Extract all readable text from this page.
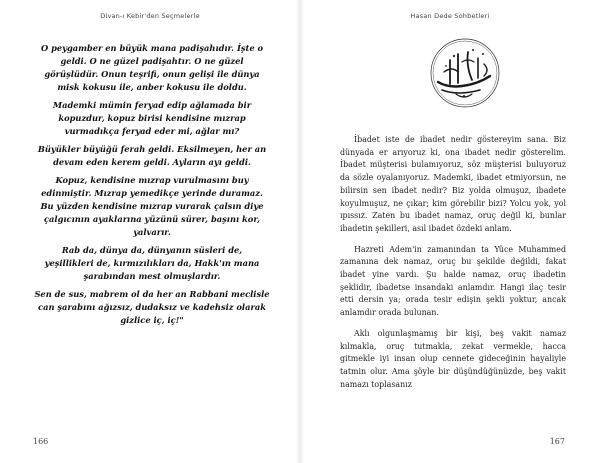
Divan-ı Kebir'den Seçmelerle
O peygamber en büyük mana padişahıdır. İşte o
geldi. O ne güzel padişahtır. O ne güzel
görüşlüdür. Onun teşrifi, onun gelişi ile dünya
misk kokusu ile, anber kokusu ile doldu.
Mademki mümin feryad edip ağlamada bir
kopuzdur, kopuz birisi kendisine mızrap
vurmadıkça feryad eder mi, ağlar mı?
Büyükler büyüğü ferah geldi. Eksilmeyen, her an
devam eden kerem geldi. Ayların ayı geldi.
Kopuz, kendisine mızrap vurulmasını buy
edinmiştir. Mızrap yemedikçe yerinde duramaz.
Bu yüzden kendisine mızrap vurarak çalsın diye
çalgıcının ayaklarına yüzünü sürer, başını kor,
yalvarır.
Rab da, dünya da, dünyanın süsleri de,
yeşillikleri de, kırmızılıkları da, Hakk'ın mana
şarabından mest olmuşlardır.
Sen de sus, mabrem ol da her an Rabbani meclisle
can şarabını ağızsız, dudaksız ve kadehsiz olarak
gizlice iç, iç!"
166
Hasan Dede Sohbetleri

İbadet iste de ibadet nedir göstereyim sana. Biz dünyada er arıyoruz ki, ona ibadet nedir gösterelim. İbadet müşterisi bulamıyoruz, söz müşterisi buluyoruz da sözle oyalanıyoruz. Mademki, ibadet etmiyorsun, ne bilirsin sen ibadet nedir? Biz yolda olmuşuz, ibadete koyulmuşuz, ne çıkar; kim görebilir bizi? Yolcu yok, yol ıpıssız. Zaten bu ibadet namaz, oruç değil ki, bunlar ibadetin şekilleri, asıl ibadet özdeki anlam.

Hazreti Adem'in zamanından ta Yüce Muhammed zamanına dek namaz, oruç bu şekilde değildi, fakat ibadet yine vardı. Şu halde namaz, oruç ibadetin şeklidir, ibadetse insandaki anlamdır. Hangi ilaç tesir etti dersin ya; orada tesir edişin şekli yoktur, ancak anlamdır orada bulunan.

Aklı olgunlaşmamış bir kişi, beş vakit namaz kılmakla, oruç tutmakla, zekat vermekle, hacca gitmekle iyi insan olup cennete gideceğinin hayaliyle tatmin olur. Ama şöyle bir düşündüğünüzde, beş vakit namazı toplasanız

167
